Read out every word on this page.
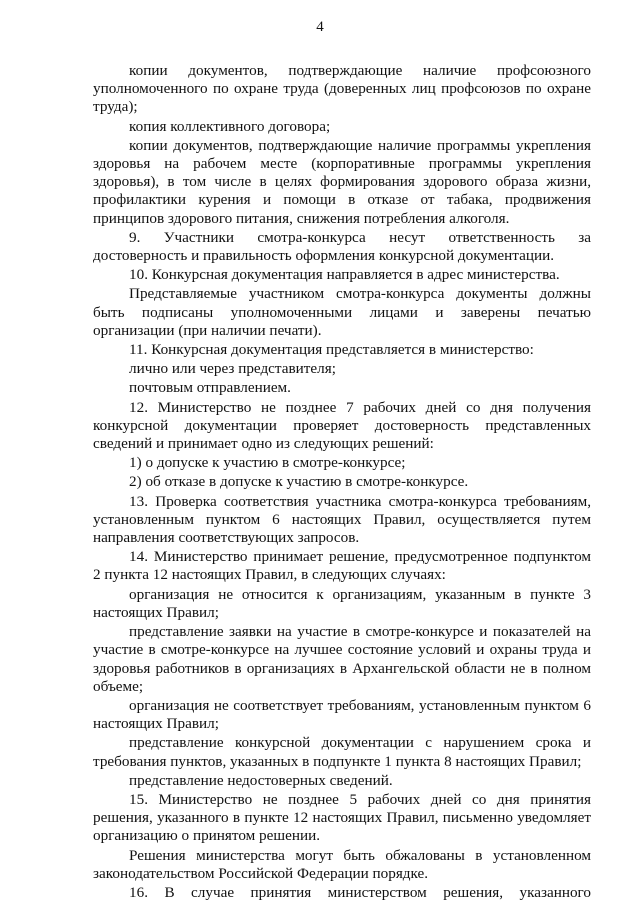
4

копии документов, подтверждающие наличие профсоюзного уполномоченного по охране труда (доверенных лиц профсоюзов по охране труда);

копия коллективного договора;

копии документов, подтверждающие наличие программы укрепления здоровья на рабочем месте (корпоративные программы укрепления здоровья), в том числе в целях формирования здорового образа жизни, профилактики курения и помощи в отказе от табака, продвижения принципов здорового питания, снижения потребления алкоголя.

9. Участники смотра-конкурса несут ответственность за достоверность и правильность оформления конкурсной документации.

10. Конкурсная документация направляется в адрес министерства.

Представляемые участником смотра-конкурса документы должны быть подписаны уполномоченными лицами и заверены печатью организации (при наличии печати).

11. Конкурсная документация представляется в министерство:

лично или через представителя;

почтовым отправлением.

12. Министерство не позднее 7 рабочих дней со дня получения конкурсной документации проверяет достоверность представленных сведений и принимает одно из следующих решений:

1) о допуске к участию в смотре-конкурсе;

2) об отказе в допуске к участию в смотре-конкурсе.

13. Проверка соответствия участника смотра-конкурса требованиям, установленным пунктом 6 настоящих Правил, осуществляется путем направления соответствующих запросов.

14. Министерство принимает решение, предусмотренное подпунктом 2 пункта 12 настоящих Правил, в следующих случаях:

организация не относится к организациям, указанным в пункте 3 настоящих Правил;

представление заявки на участие в смотре-конкурсе и показателей на участие в смотре-конкурсе на лучшее состояние условий и охраны труда и здоровья работников в организациях в Архангельской области не в полном объеме;

организация не соответствует требованиям, установленным пунктом 6 настоящих Правил;

представление конкурсной документации с нарушением срока и требования пунктов, указанных в подпункте 1 пункта 8 настоящих Правил;

представление недостоверных сведений.

15. Министерство не позднее 5 рабочих дней со дня принятия решения, указанного в пункте 12 настоящих Правил, письменно уведомляет организацию о принятом решении.

Решения министерства могут быть обжалованы в установленном законодательством Российской Федерации порядке.

16. В случае принятия министерством решения, указанного
